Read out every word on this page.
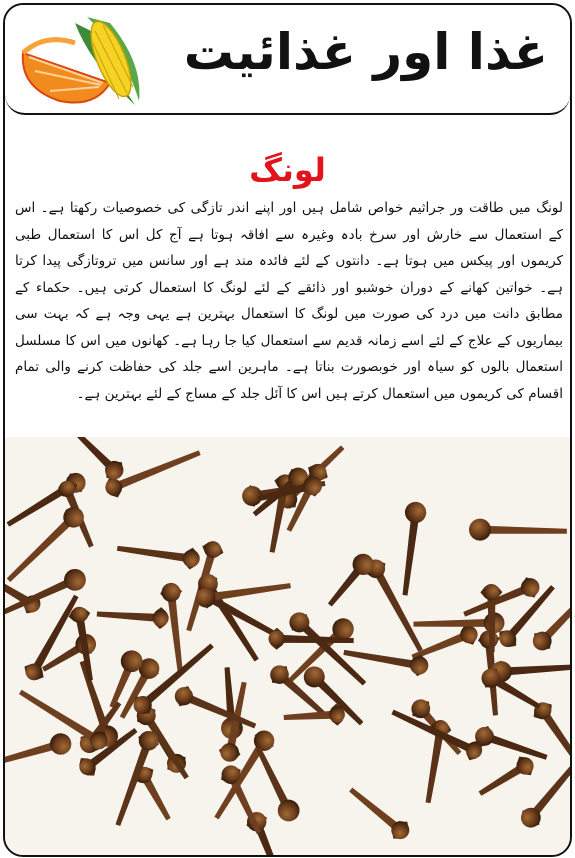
غذا اور غذائیت
لونگ
لونگ میں طاقت ور جراثیم خواص شامل ہیں اور اپنے اندر تازگی کی خصوصیات رکھتا ہے۔ اس کے استعمال سے خارش اور سرخ بادہ وغیرہ سے افاقہ ہوتا ہے آج کل اس کا استعمال طبی کریموں اور پیکس میں ہوتا ہے۔ دانتوں کے لئے فائدہ مند ہے اور سانس میں تروتازگی پیدا کرتا ہے۔ خواتین کھانے کے دوران خوشبو اور ذائقے کے لئے لونگ کا استعمال کرتی ہیں۔ حکماء کے مطابق دانت میں درد کی صورت میں لونگ کا استعمال بہترین ہے یہی وجہ ہے کہ بہت سی بیماریوں کے علاج کے لئے اسے زمانہ قدیم سے استعمال کیا جا رہا ہے۔ کھانوں میں اس کا مسلسل استعمال بالوں کو سیاہ اور خوبصورت بناتا ہے۔ ماہرین اسے جلد کی حفاظت کرنے والی تمام اقسام کی کریموں میں استعمال کرتے ہیں اس کا آئل جلد کے مساج کے لئے بہترین ہے۔
